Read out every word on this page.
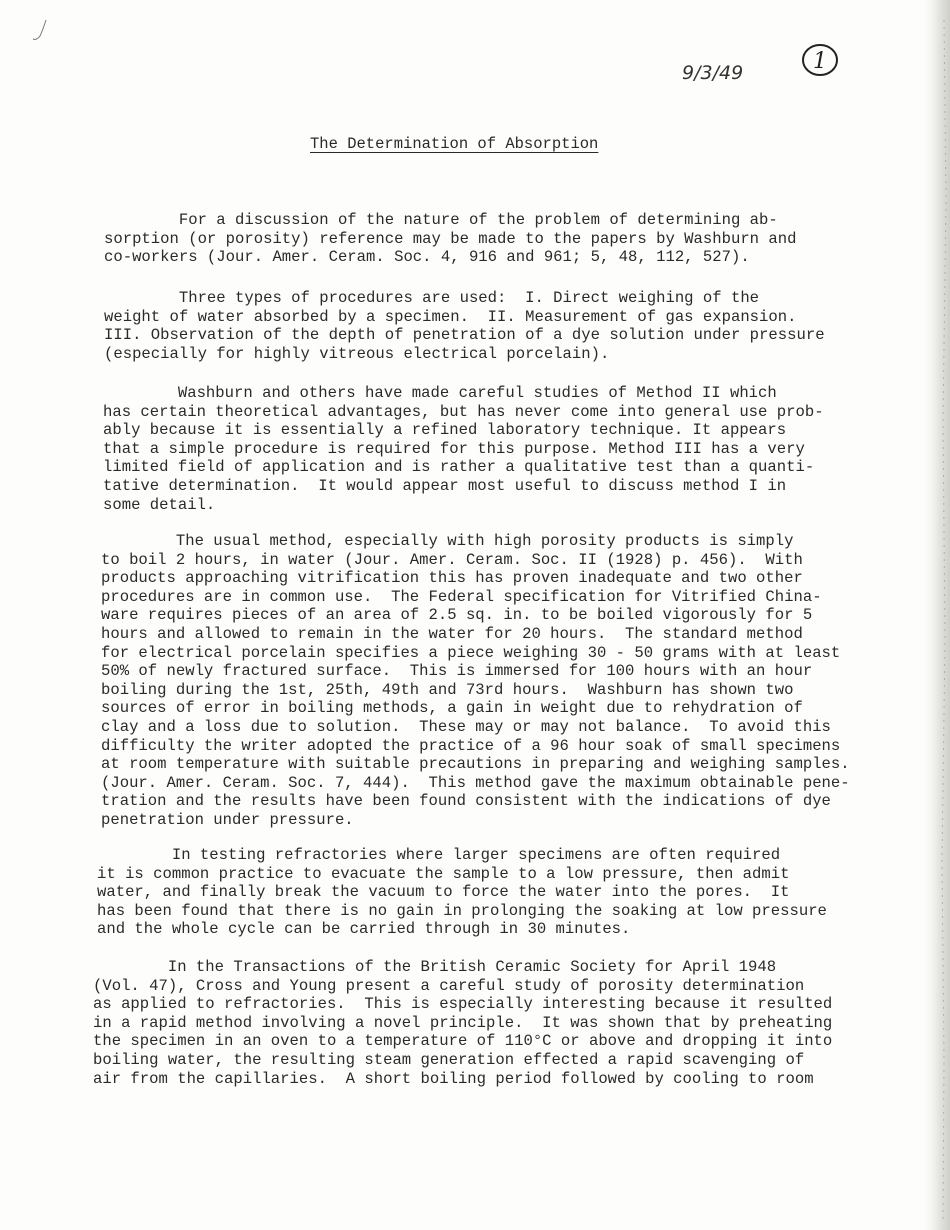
9/3/49	1
The Determination of Absorption
For a discussion of the nature of the problem of determining ab-
sorption (or porosity) reference may be made to the papers by Washburn and
co-workers (Jour. Amer. Ceram. Soc. 4, 916 and 961; 5, 48, 112, 527).
Three types of procedures are used:  I. Direct weighing of the
weight of water absorbed by a specimen.  II. Measurement of gas expansion.
III. Observation of the depth of penetration of a dye solution under pressure
(especially for highly vitreous electrical porcelain).
Washburn and others have made careful studies of Method II which
has certain theoretical advantages, but has never come into general use prob-
ably because it is essentially a refined laboratory technique. It appears
that a simple procedure is required for this purpose. Method III has a very
limited field of application and is rather a qualitative test than a quanti-
tative determination.  It would appear most useful to discuss method I in
some detail.
The usual method, especially with high porosity products is simply
to boil 2 hours, in water (Jour. Amer. Ceram. Soc. II (1928) p. 456).  With
products approaching vitrification this has proven inadequate and two other
procedures are in common use.  The Federal specification for Vitrified China-
ware requires pieces of an area of 2.5 sq. in. to be boiled vigorously for 5
hours and allowed to remain in the water for 20 hours.  The standard method
for electrical porcelain specifies a piece weighing 30 - 50 grams with at least
50% of newly fractured surface.  This is immersed for 100 hours with an hour
boiling during the 1st, 25th, 49th and 73rd hours.  Washburn has shown two
sources of error in boiling methods, a gain in weight due to rehydration of
clay and a loss due to solution.  These may or may not balance.  To avoid this
difficulty the writer adopted the practice of a 96 hour soak of small specimens
at room temperature with suitable precautions in preparing and weighing samples.
(Jour. Amer. Ceram. Soc. 7, 444).  This method gave the maximum obtainable pene-
tration and the results have been found consistent with the indications of dye
penetration under pressure.
In testing refractories where larger specimens are often required
it is common practice to evacuate the sample to a low pressure, then admit
water, and finally break the vacuum to force the water into the pores.  It
has been found that there is no gain in prolonging the soaking at low pressure
and the whole cycle can be carried through in 30 minutes.
In the Transactions of the British Ceramic Society for April 1948
(Vol. 47), Cross and Young present a careful study of porosity determination
as applied to refractories.  This is especially interesting because it resulted
in a rapid method involving a novel principle.  It was shown that by preheating
the specimen in an oven to a temperature of 110°C or above and dropping it into
boiling water, the resulting steam generation effected a rapid scavenging of
air from the capillaries.  A short boiling period followed by cooling to room
